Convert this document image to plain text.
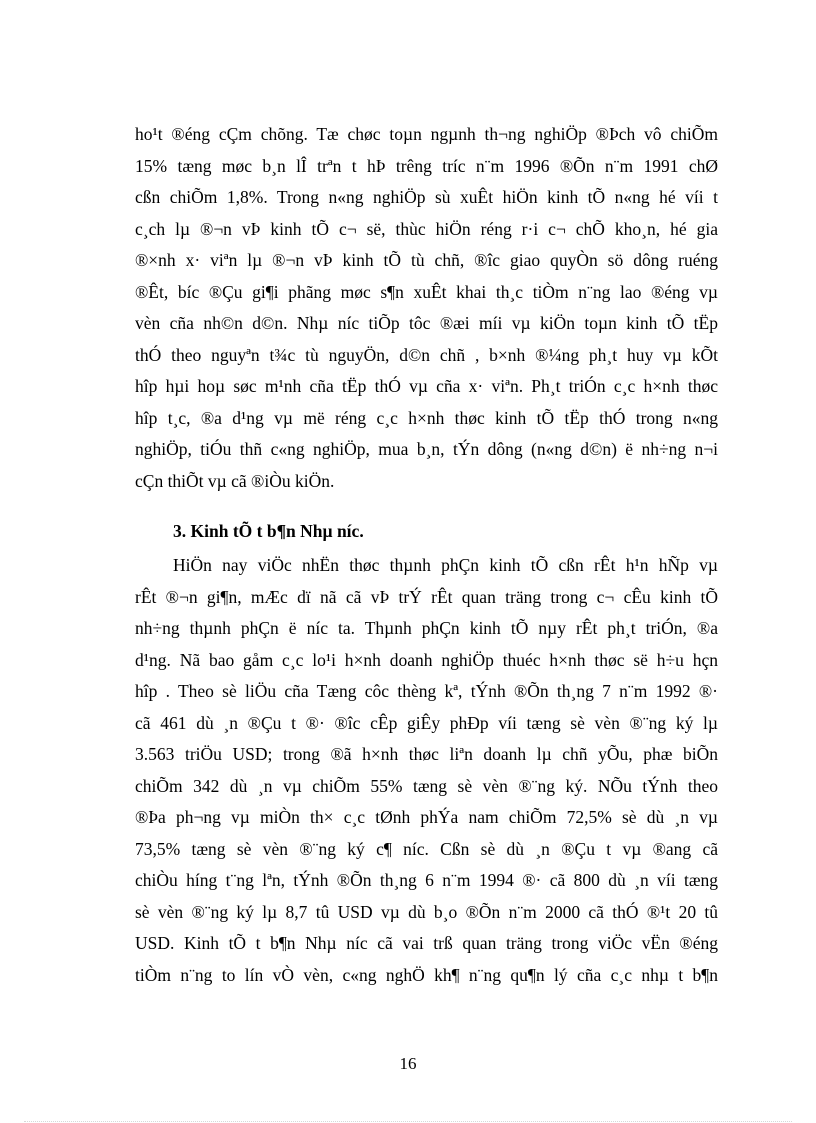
ho¹t ®éng cÇm chõng. Tæ chøc toµn ngµnh th¬ng nghiÖp ®Þch vô chiÕm
15% tæng møc b¸n lÎ trªn t hÞ trêng tríc n¨m 1996 ®Õn n¨m 1991 chØ
cßn chiÕm 1,8%. Trong n«ng nghiÖp sù xuÊt hiÖn kinh tÕ n«ng hé víi t
c¸ch lµ ®¬n vÞ kinh tÕ c¬ së, thùc hiÖn réng r·i c¬ chÕ kho¸n, hé gia
®×nh x· viªn lµ ®¬n vÞ kinh tÕ tù chñ, ®îc giao quyÒn sö dông ruéng
®Êt, bíc ®Çu gi¶i phãng møc s¶n xuÊt khai th¸c tiÒm n¨ng lao ®éng vµ
vèn cña nh©n d©n. Nhµ níc tiÕp tôc ®æi míi vµ kiÖn toµn kinh tÕ tËp
thÓ theo nguyªn t¾c tù nguyÖn, d©n chñ , b×nh ®¼ng ph¸t huy vµ kÕt
hîp hµi hoµ søc m¹nh cña tËp thÓ vµ cña x· viªn. Ph¸t triÓn c¸c h×nh thøc
hîp t¸c, ®a d¹ng vµ më réng c¸c h×nh thøc kinh tÕ tËp thÓ trong n«ng
nghiÖp, tiÓu thñ c«ng nghiÖp, mua b¸n, tÝn dông (n«ng d©n) ë nh÷ng n¬i
cÇn thiÕt vµ cã ®iÒu kiÖn.
3. Kinh tÕ t b¶n Nhµ níc.
HiÖn nay viÖc nhËn thøc thµnh phÇn kinh tÕ cßn rÊt h¹n hÑp vµ
rÊt ®¬n gi¶n, mÆc dï nã cã vÞ trÝ rÊt quan träng trong c¬ cÊu kinh tÕ
nh÷ng thµnh phÇn ë níc ta. Thµnh phÇn kinh tÕ nµy rÊt ph¸t triÓn, ®a
d¹ng. Nã bao gåm c¸c lo¹i h×nh doanh nghiÖp thuéc h×nh thøc së h÷u hçn
hîp . Theo sè liÖu cña Tæng côc thèng kª, tÝnh ®Õn th¸ng 7 n¨m 1992 ®·
cã 461 dù ¸n ®Çu t ®· ®îc cÊp giÊy phÐp víi tæng sè vèn ®¨ng ký lµ
3.563 triÖu USD; trong ®ã h×nh thøc liªn doanh lµ chñ yÕu, phæ biÕn
chiÕm 342 dù ¸n vµ chiÕm 55% tæng sè vèn ®¨ng ký. NÕu tÝnh theo
®Þa ph¬ng vµ miÒn th× c¸c tØnh phÝa nam chiÕm 72,5% sè dù ¸n vµ
73,5% tæng sè vèn ®¨ng ký c¶ níc. Cßn sè dù ¸n ®Çu t vµ ®ang cã
chiÒu híng t¨ng lªn, tÝnh ®Õn th¸ng 6 n¨m 1994 ®· cã 800 dù ¸n víi tæng
sè vèn ®¨ng ký lµ 8,7 tû USD vµ dù b¸o ®Õn n¨m 2000 cã thÓ ®¹t 20 tû
USD. Kinh tÕ t b¶n Nhµ níc cã vai trß quan träng trong viÖc vËn ®éng
tiÒm n¨ng to lín vÒ vèn, c«ng nghÖ kh¶ n¨ng qu¶n lý cña c¸c nhµ t b¶n
16
